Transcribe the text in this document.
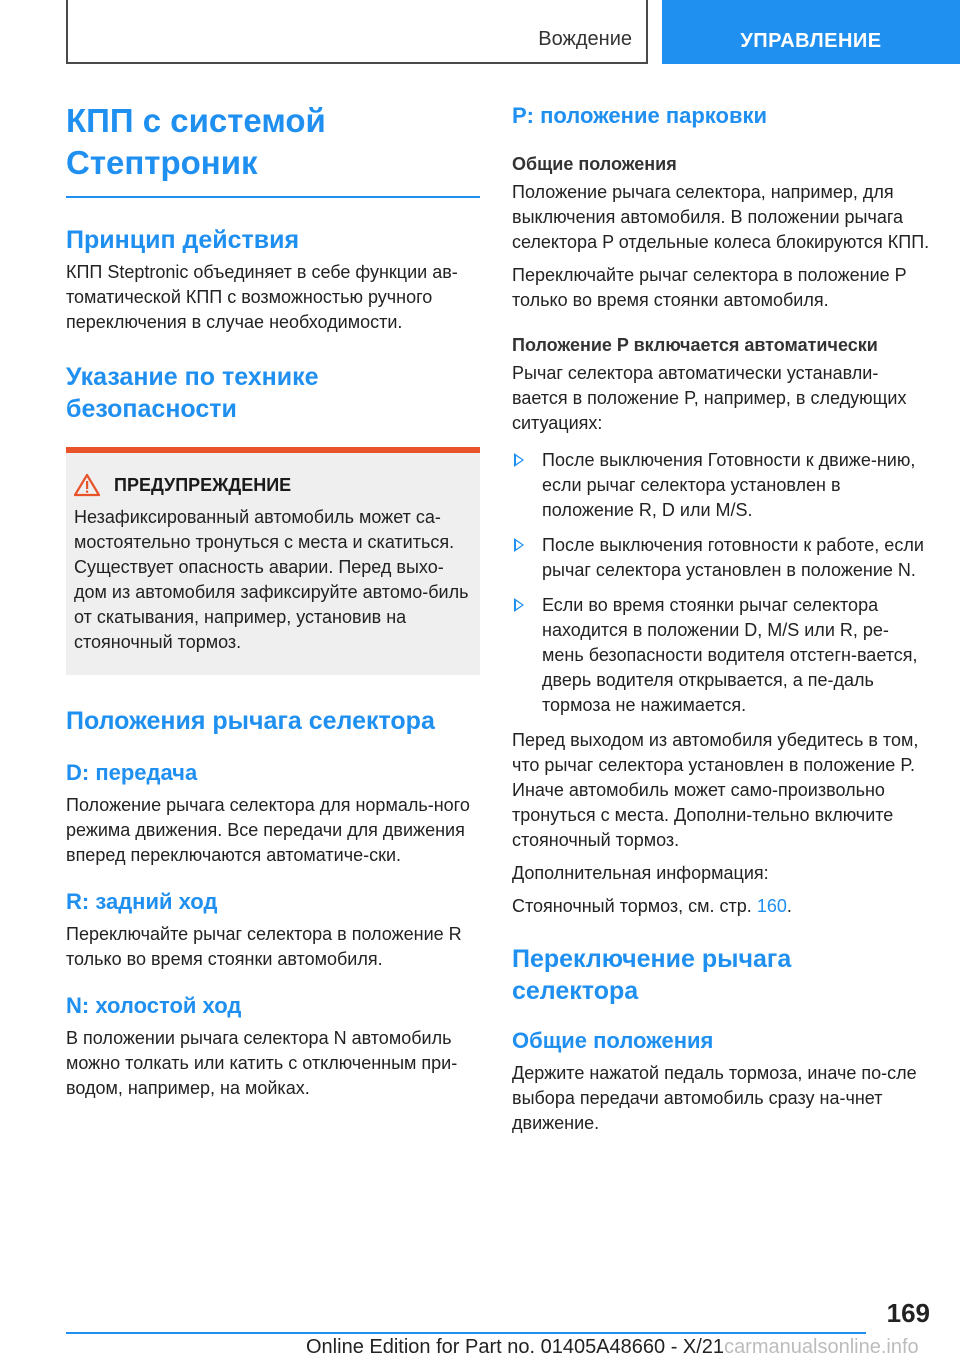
Вождение	УПРАВЛЕНИЕ
КПП с системой
Стептроник
Принцип действия

КПП Steptronic объединяет в себе функции ав-томатической КПП с возможностью ручного переключения в случае необходимости.

Указание по технике
безопасности
ПРЕДУПРЕЖДЕНИЕ

Незафиксированный автомобиль может са-мостоятельно тронуться с места и скатиться. Существует опасность аварии. Перед выхо-дом из автомобиля зафиксируйте автомо-биль от скатывания, например, установив на стояночный тормоз.

Положения рычага селектора
D: передача

Положение рычага селектора для нормаль-ного режима движения. Все передачи для движения вперед переключаются автоматиче-ски.

R: задний ход

Переключайте рычаг селектора в положение R только во время стоянки автомобиля.

N: холостой ход

В положении рычага селектора N автомобиль можно толкать или катить с отключенным при-водом, например, на мойках.

P: положение парковки
Общие положения

Положение рычага селектора, например, для выключения автомобиля. В положении рычага селектора P отдельные колеса блокируются КПП.

Переключайте рычаг селектора в положение P только во время стоянки автомобиля.

Положение P включается автоматически

Рычаг селектора автоматически устанавли-вается в положение P, например, в следующих ситуациях:

После выключения Готовности к движе-нию, если рычаг селектора установлен в положение R, D или M/S.
После выключения готовности к работе, если рычаг селектора установлен в положение N.
Если во время стоянки рычаг селектора находится в положении D, M/S или R, ре-мень безопасности водителя отстегн-вается, дверь водителя открывается, а пе-даль тормоза не нажимается.

Перед выходом из автомобиля убедитесь в том, что рычаг селектора установлен в положение P. Иначе автомобиль может само-произвольно тронуться с места. Дополни-тельно включите стояночный тормоз.

Дополнительная информация:

Стояночный тормоз, см. стр. 160.

Переключение рычага
селектора
Общие положения

Держите нажатой педаль тормоза, иначе по-сле выбора передачи автомобиль сразу на-чнет движение.

169
Online Edition for Part no. 01405A48660 - X/21carmanualsonline.info
